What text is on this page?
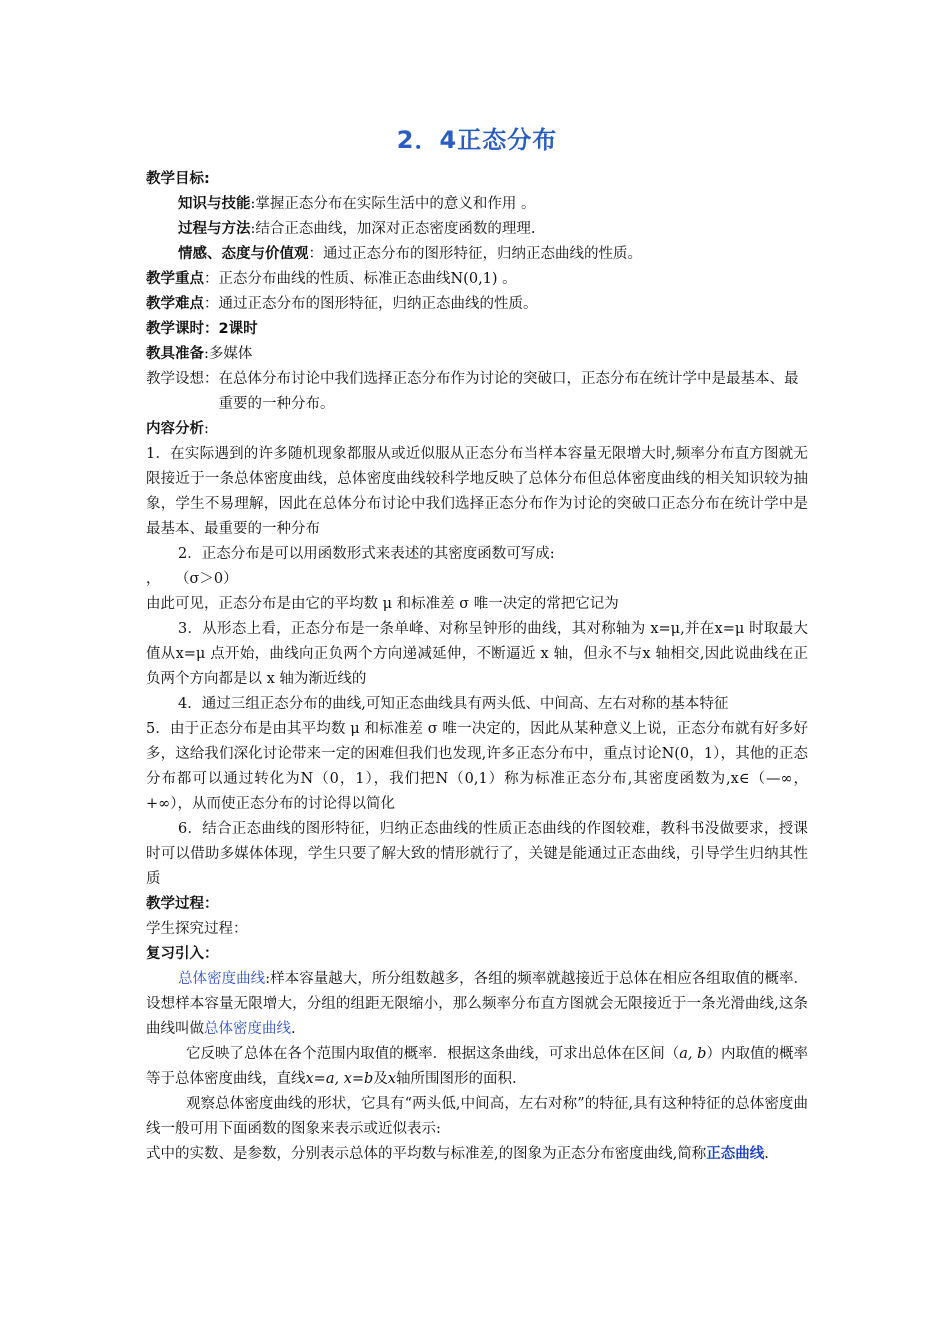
2．4正态分布

教学目标:

知识与技能:掌握正态分布在实际生活中的意义和作用 。

过程与方法:结合正态曲线，加深对正态密度函数的理理.

情感、态度与价值观：通过正态分布的图形特征，归纳正态曲线的性质。

教学重点：正态分布曲线的性质、标准正态曲线N(0,1) 。

教学难点：通过正态分布的图形特征，归纳正态曲线的性质。

教学课时：2课时

教具准备:多媒体

教学设想： 在总体分布讨论中我们选择正态分布作为讨论的突破口，正态分布在统计学中是最基本、最重要的一种分布。

内容分析:

1．在实际遇到的许多随机现象都服从或近似服从正态分布当样本容量无限增大时,频率分布直方图就无限接近于一条总体密度曲线，总体密度曲线较科学地反映了总体分布但总体密度曲线的相关知识较为抽象，学生不易理解，因此在总体分布讨论中我们选择正态分布作为讨论的突破口正态分布在统计学中是最基本、最重要的一种分布

2．正态分布是可以用函数形式来表述的其密度函数可写成:

，　　（σ＞0）

由此可见，正态分布是由它的平均数 μ 和标准差 σ 唯一决定的常把它记为

3．从形态上看，正态分布是一条单峰、对称呈钟形的曲线，其对称轴为 x=μ,并在x=μ 时取最大值从x=μ 点开始，曲线向正负两个方向递减延伸，不断逼近 x 轴，但永不与x 轴相交,因此说曲线在正负两个方向都是以 x 轴为渐近线的

4．通过三组正态分布的曲线,可知正态曲线具有两头低、中间高、左右对称的基本特征

5．由于正态分布是由其平均数 μ 和标准差 σ 唯一决定的，因此从某种意义上说，正态分布就有好多好多，这给我们深化讨论带来一定的困难但我们也发现,许多正态分布中，重点讨论N(0，1），其他的正态分布都可以通过转化为N（0，1），我们把N（0,1）称为标准正态分布,其密度函数为,x∈（—∞，+∞），从而使正态分布的讨论得以简化

6．结合正态曲线的图形特征，归纳正态曲线的性质正态曲线的作图较难，教科书没做要求，授课时可以借助多媒体体现，学生只要了解大致的情形就行了，关键是能通过正态曲线，引导学生归纳其性质

教学过程：

学生探究过程：

复习引入：

总体密度曲线:样本容量越大，所分组数越多，各组的频率就越接近于总体在相应各组取值的概率．设想样本容量无限增大，分组的组距无限缩小，那么频率分布直方图就会无限接近于一条光滑曲线,这条曲线叫做总体密度曲线.

它反映了总体在各个范围内取值的概率．根据这条曲线，可求出总体在区间（a, b）内取值的概率等于总体密度曲线，直线x=a, x=b及x轴所围图形的面积.

观察总体密度曲线的形状，它具有“两头低,中间高，左右对称”的特征,具有这种特征的总体密度曲线一般可用下面函数的图象来表示或近似表示:

式中的实数、是参数，分别表示总体的平均数与标准差,的图象为正态分布密度曲线,简称正态曲线.
